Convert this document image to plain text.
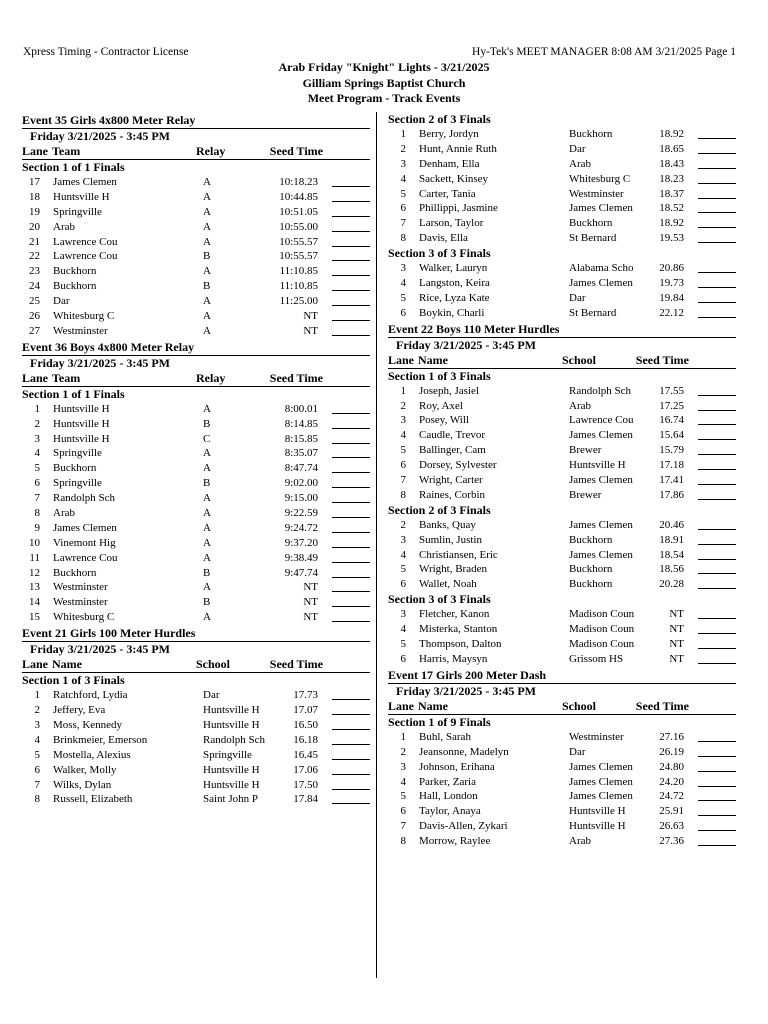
Xpress Timing - Contractor License	Hy-Tek's MEET MANAGER 8:08 AM 3/21/2025 Page 1
Arab Friday "Knight" Lights - 3/21/2025
Gilliam Springs Baptist Church
Meet Program - Track Events
Event 35 Girls 4x800 Meter Relay
Friday 3/21/2025 - 3:45 PM
Lane Team	Relay	Seed Time
Section 1 of 1 Finals
17 James Clemen	A	10:18.23
18 Huntsville H	A	10:44.85
19 Springville	A	10:51.05
20 Arab	A	10:55.00
21 Lawrence Cou	A	10:55.57
22 Lawrence Cou	B	10:55.57
23 Buckhorn	A	11:10.85
24 Buckhorn	B	11:10.85
25 Dar	A	11:25.00
26 Whitesburg C	A	NT
27 Westminster	A	NT
Event 36 Boys 4x800 Meter Relay
Friday 3/21/2025 - 3:45 PM
Lane Team	Relay	Seed Time
Section 1 of 1 Finals
1 Huntsville H	A	8:00.01
2 Huntsville H	B	8:14.85
3 Huntsville H	C	8:15.85
4 Springville	A	8:35.07
5 Buckhorn	A	8:47.74
6 Springville	B	9:02.00
7 Randolph Sch	A	9:15.00
8 Arab	A	9:22.59
9 James Clemen	A	9:24.72
10 Vinemont Hig	A	9:37.20
11 Lawrence Cou	A	9:38.49
12 Buckhorn	B	9:47.74
13 Westminster	A	NT
14 Westminster	B	NT
15 Whitesburg C	A	NT
Event 21 Girls 100 Meter Hurdles
Friday 3/21/2025 - 3:45 PM
Lane Name	School	Seed Time
Section 1 of 3 Finals
1 Ratchford, Lydia	Dar	17.73
2 Jeffery, Eva	Huntsville H	17.07
3 Moss, Kennedy	Huntsville H	16.50
4 Brinkmeier, Emerson	Randolph Sch	16.18
5 Mostella, Alexius	Springville	16.45
6 Walker, Molly	Huntsville H	17.06
7 Wilks, Dylan	Huntsville H	17.50
8 Russell, Elizabeth	Saint John P	17.84
Section 2 of 3 Finals
1 Berry, Jordyn	Buckhorn	18.92
2 Hunt, Annie Ruth	Dar	18.65
3 Denham, Ella	Arab	18.43
4 Sackett, Kinsey	Whitesburg C	18.23
5 Carter, Tania	Westminster	18.37
6 Phillippi, Jasmine	James Clemen	18.52
7 Larson, Taylor	Buckhorn	18.92
8 Davis, Ella	St Bernard	19.53
Section 3 of 3 Finals
3 Walker, Lauryn	Alabama Scho	20.86
4 Langston, Keira	James Clemen	19.73
5 Rice, Lyza Kate	Dar	19.84
6 Boykin, Charli	St Bernard	22.12
Event 22 Boys 110 Meter Hurdles
Friday 3/21/2025 - 3:45 PM
Lane Name	School	Seed Time
Section 1 of 3 Finals
1 Joseph, Jasiel	Randolph Sch	17.55
2 Roy, Axel	Arab	17.25
3 Posey, Will	Lawrence Cou	16.74
4 Caudle, Trevor	James Clemen	15.64
5 Ballinger, Cam	Brewer	15.79
6 Dorsey, Sylvester	Huntsville H	17.18
7 Wright, Carter	James Clemen	17.41
8 Raines, Corbin	Brewer	17.86
Section 2 of 3 Finals
2 Banks, Quay	James Clemen	20.46
3 Sumlin, Justin	Buckhorn	18.91
4 Christiansen, Eric	James Clemen	18.54
5 Wright, Braden	Buckhorn	18.56
6 Wallet, Noah	Buckhorn	20.28
Section 3 of 3 Finals
3 Fletcher, Kanon	Madison Coun	NT
4 Misterka, Stanton	Madison Coun	NT
5 Thompson, Dalton	Madison Coun	NT
6 Harris, Maysyn	Grissom HS	NT
Event 17 Girls 200 Meter Dash
Friday 3/21/2025 - 3:45 PM
Lane Name	School	Seed Time
Section 1 of 9 Finals
1 Buhl, Sarah	Westminster	27.16
2 Jeansonne, Madelyn	Dar	26.19
3 Johnson, Erihana	James Clemen	24.80
4 Parker, Zaria	James Clemen	24.20
5 Hall, London	James Clemen	24.72
6 Taylor, Anaya	Huntsville H	25.91
7 Davis-Allen, Zykari	Huntsville H	26.63
8 Morrow, Raylee	Arab	27.36
